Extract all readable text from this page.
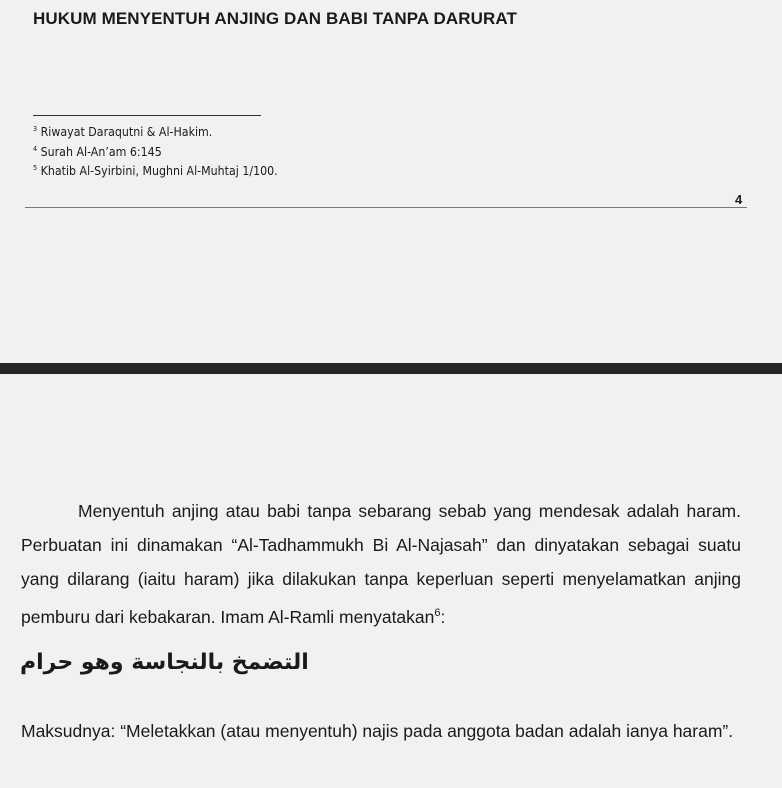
HUKUM MENYENTUH ANJING DAN BABI TANPA DARURAT
$^3$ Riwayat Daraqutni & Al-Hakim.
$^4$ Surah Al-An’am 6:145
$^5$ Khatib Al-Syirbini, Mughni Al-Muhtaj 1/100.
4
Menyentuh anjing atau babi tanpa sebarang sebab yang mendesak adalah haram. Perbuatan ini dinamakan “Al-Tadhammukh Bi Al-Najasah” dan dinyatakan sebagai suatu yang dilarang (iaitu haram) jika dilakukan tanpa keperluan seperti menyelamatkan anjing pemburu dari kebakaran. Imam Al-Ramli menyatakan$^6$:
التضمخ بالنجاسة وهو حرام
Maksudnya: “Meletakkan (atau menyentuh) najis pada anggota badan adalah ianya haram”.
